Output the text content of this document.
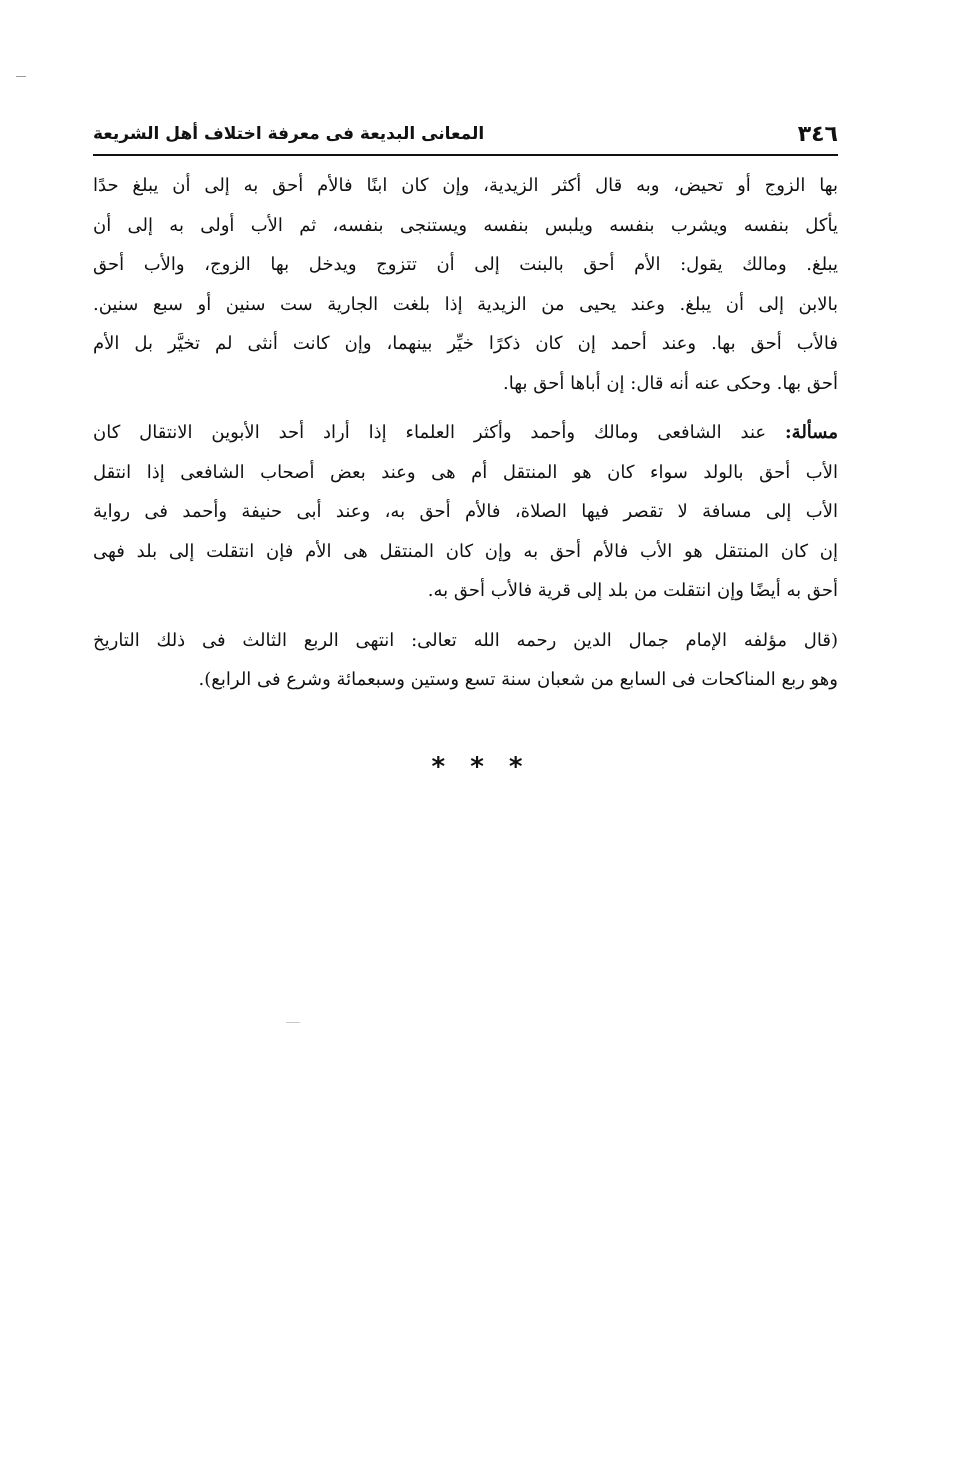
٣٤٦
المعانى البديعة فى معرفة اختلاف أهل الشريعة

بها الزوج أو تحيض، وبه قال أكثر الزيدية، وإن كان ابنًا فالأم أحق به إلى أن يبلغ حدًا
يأكل بنفسه ويشرب بنفسه ويلبس بنفسه ويستنجى بنفسه، ثم الأب أولى به إلى أن
يبلغ. ومالك يقول: الأم أحق بالبنت إلى أن تتزوج ويدخل بها الزوج، والأب أحق
بالابن إلى أن يبلغ. وعند يحيى من الزيدية إذا بلغت الجارية ست سنين أو سبع سنين.
فالأب أحق بها. وعند أحمد إن كان ذكرًا خيِّر بينهما، وإن كانت أنثى لم تخيَّر بل الأم
أحق بها. وحكى عنه أنه قال: إن أباها أحق بها.

مسألة: عند الشافعى ومالك وأحمد وأكثر العلماء إذا أراد أحد الأبوين الانتقال كان
الأب أحق بالولد سواء كان هو المنتقل أم هى وعند بعض أصحاب الشافعى إذا انتقل
الأب إلى مسافة لا تقصر فيها الصلاة، فالأم أحق به، وعند أبى حنيفة وأحمد فى رواية
إن كان المنتقل هو الأب فالأم أحق به وإن كان المنتقل هى الأم فإن انتقلت إلى بلد فهى
أحق به أيضًا وإن انتقلت من بلد إلى قرية فالأب أحق به.

(قال مؤلفه الإمام جمال الدين رحمه الله تعالى: انتهى الربع الثالث فى ذلك التاريخ
وهو ربع المناكحات فى السابع من شعبان سنة تسع وستين وسبعمائة وشرع فى الرابع).

* * *
